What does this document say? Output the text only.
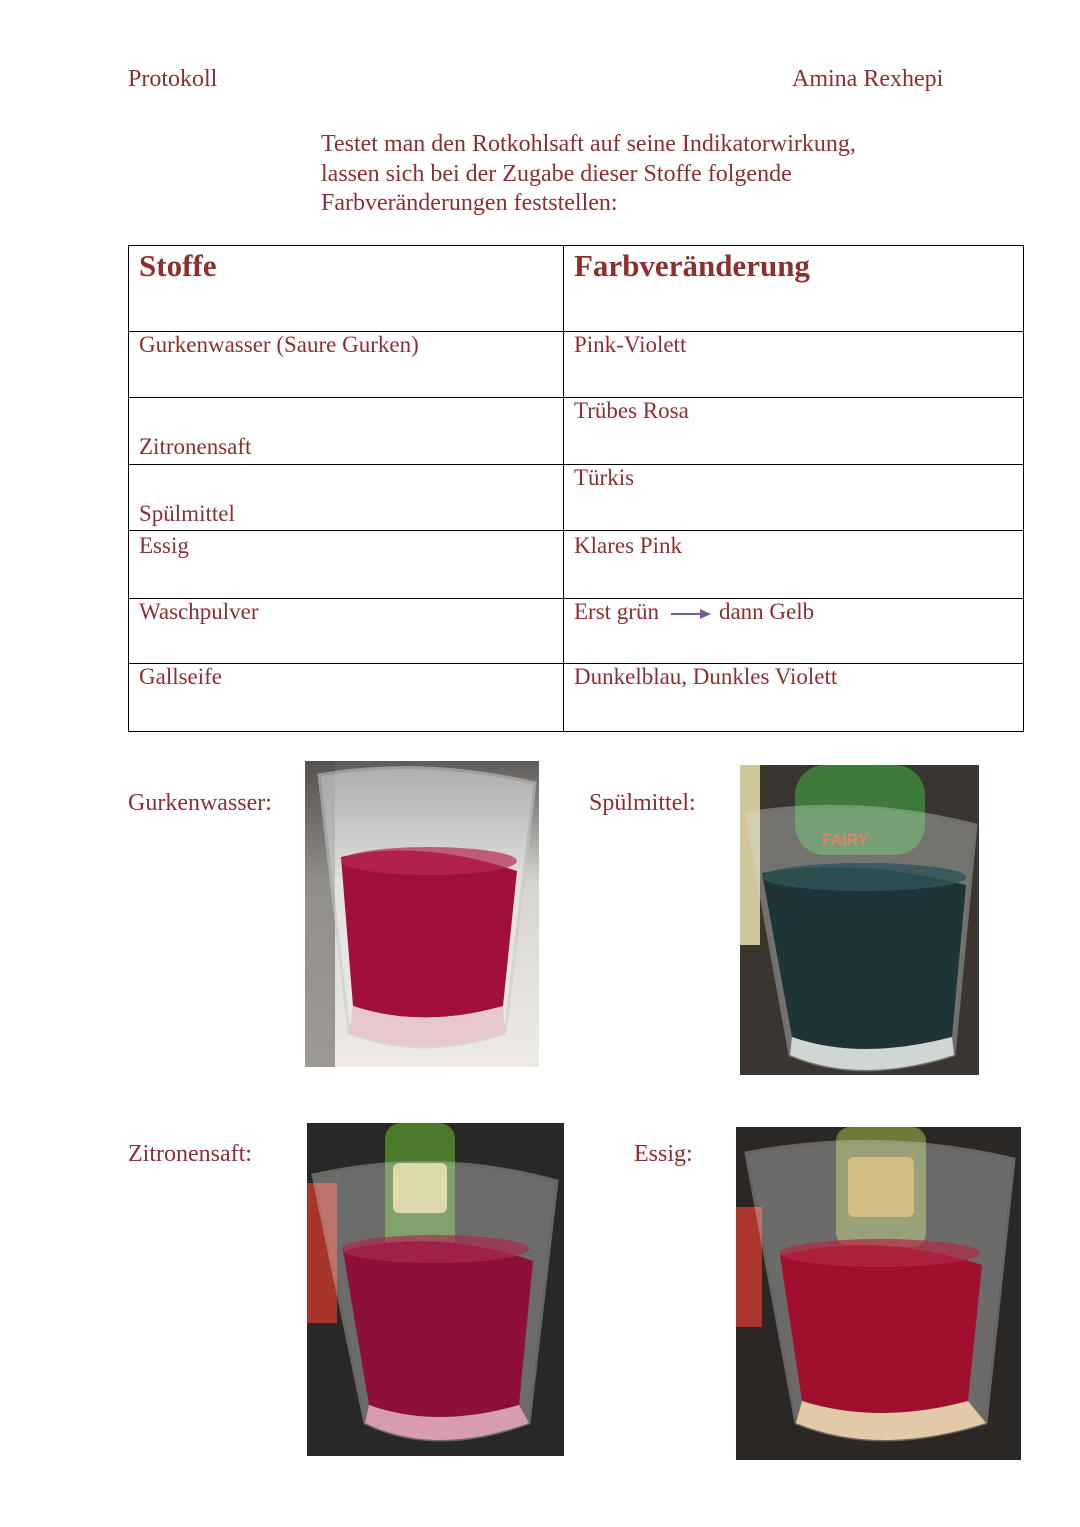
Protokoll	Amina Rexhepi
Testet man den Rotkohlsaft auf seine Indikatorwirkung,
lassen sich bei der Zugabe dieser Stoffe folgende
Farbveränderungen feststellen:
Stoffe	Farbveränderung
Gurkenwasser (Saure Gurken)	Pink-Violett

Zitronensaft	Trübes Rosa

Spülmittel	Türkis
Essig	Klares Pink
Waschpulver	Erst grün dann Gelb
Gallseife	Dunkelblau, Dunkles Violett
Gurkenwasser:	Spülmittel:
Zitronensaft:	Essig:
FAIRY
